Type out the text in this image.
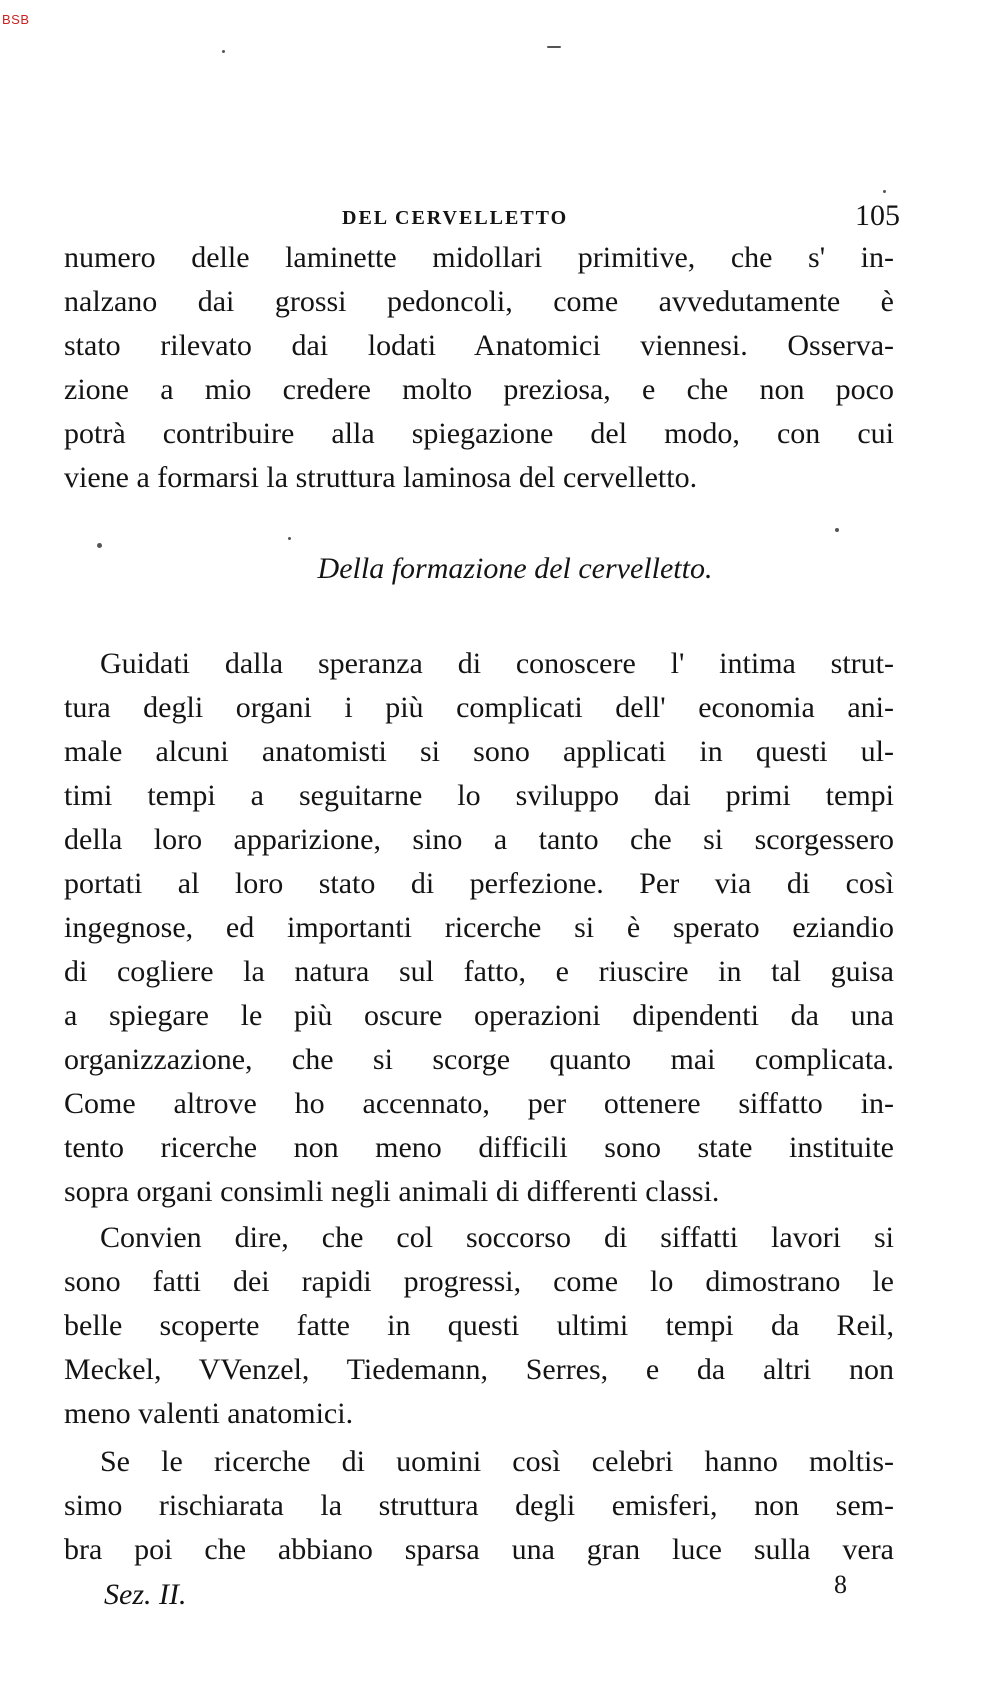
BSB
DEL CERVELLETTO	105
numero delle laminette midollari primitive, che s' in-
nalzano dai grossi pedoncoli, come avvedutamente è
stato rilevato dai lodati Anatomici viennesi. Osserva-
zione a mio credere molto preziosa, e che non poco
potrà contribuire alla spiegazione del modo, con cui
viene a formarsi la struttura laminosa del cervelletto.
Della formazione del cervelletto.
Guidati dalla speranza di conoscere l' intima strut-
tura degli organi i più complicati dell' economia ani-
male alcuni anatomisti si sono applicati in questi ul-
timi tempi a seguitarne lo sviluppo dai primi tempi
della loro apparizione, sino a tanto che si scorgessero
portati al loro stato di perfezione. Per via di così
ingegnose, ed importanti ricerche si è sperato eziandio
di cogliere la natura sul fatto, e riuscire in tal guisa
a spiegare le più oscure operazioni dipendenti da una
organizzazione, che si scorge quanto mai complicata.
Come altrove ho accennato, per ottenere siffatto in-
tento ricerche non meno difficili sono state instituite
sopra organi consimli negli animali di differenti classi.
Convien dire, che col soccorso di siffatti lavori si
sono fatti dei rapidi progressi, come lo dimostrano le
belle scoperte fatte in questi ultimi tempi da Reil,
Meckel, VVenzel, Tiedemann, Serres, e da altri non
meno valenti anatomici.
Se le ricerche di uomini così celebri hanno moltis-
simo rischiarata la struttura degli emisferi, non sem-
bra poi che abbiano sparsa una gran luce sulla vera
Sez. II.	8
